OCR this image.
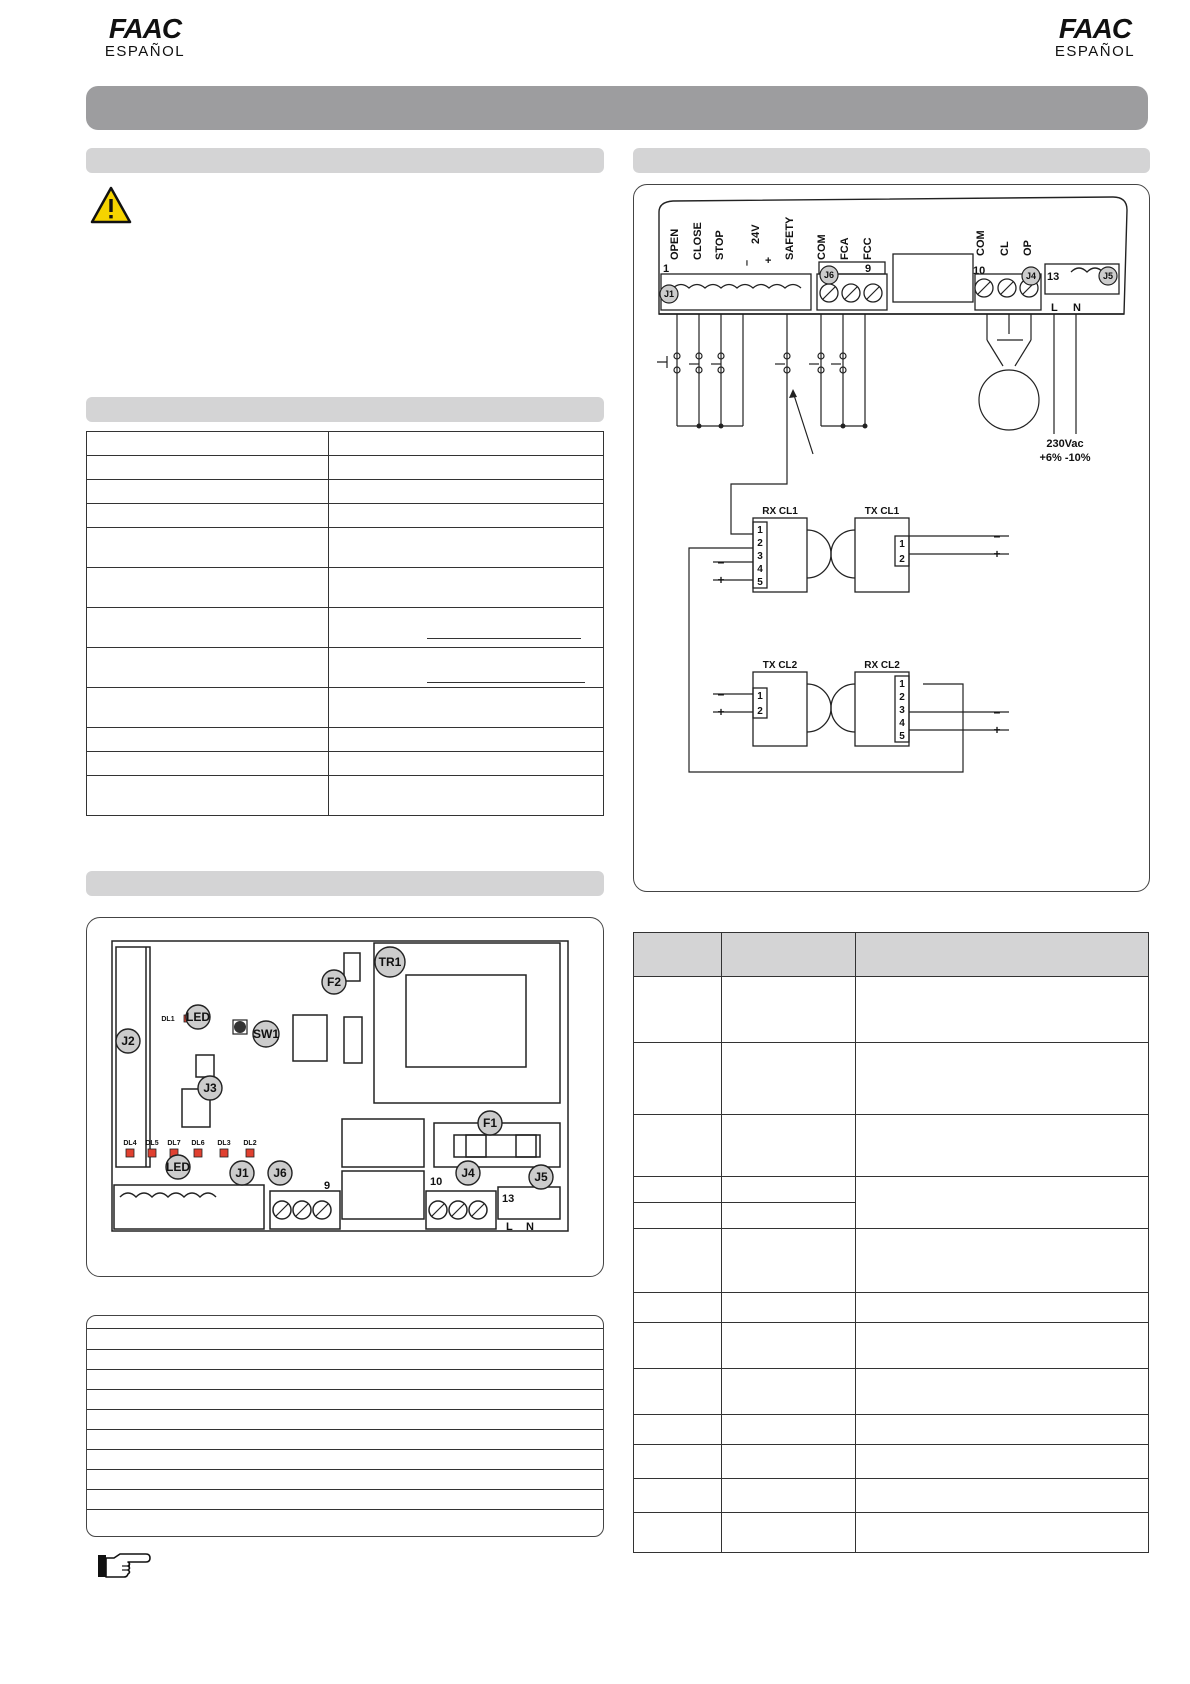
FAAC
ESPAÑOL
FAAC
ESPAÑOL

DL1
DL4 DL5 DL7 DL6 DL3 DL2
9	10
13
L N
J2
LED
SW1
F2
TR1
J3
F1
LED	J1 J6	J4	J5
OPEN CLOSE STOP
–
24V
+
SAFETY COM FCA FCC	COM CL OP
1	9	10	13
L N
J1
J6	J4	J5
230Vac
+6% -10%
RX CL1	TX CL1
TX CL2	RX CL2
1
2
3
4
5
1
2
1
2
1
2
3
4
5
–
+
–
+
–
+	–
+
